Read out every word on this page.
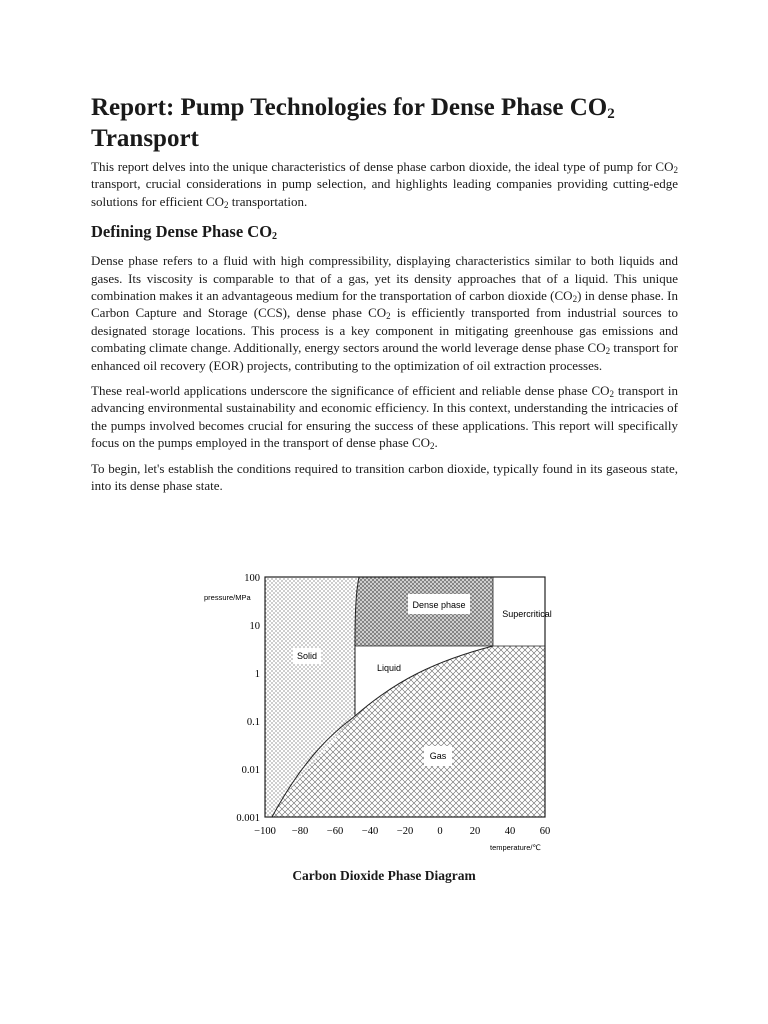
Report: Pump Technologies for Dense Phase $CO_2$
Transport

This report delves into the unique characteristics of dense phase carbon dioxide, the ideal type of pump for $CO_2$ transport, crucial considerations in pump selection, and highlights leading companies providing cutting-edge solutions for efficient $CO_2$ transportation.

Defining Dense Phase $CO_2$

Dense phase refers to a fluid with high compressibility, displaying characteristics similar to both liquids and gases. Its viscosity is comparable to that of a gas, yet its density approaches that of a liquid. This unique combination makes it an advantageous medium for the transportation of carbon dioxide $(CO_2)$ in dense phase. In Carbon Capture and Storage (CCS), dense phase $CO_2$ is efficiently transported from industrial sources to designated storage locations. This process is a key component in mitigating greenhouse gas emissions and combating climate change. Additionally, energy sectors around the world leverage dense phase $CO_2$ transport for enhanced oil recovery (EOR) projects, contributing to the optimization of oil extraction processes.

These real-world applications underscore the significance of efficient and reliable dense phase $CO_2$ transport in advancing environmental sustainability and economic efficiency. In this context, understanding the intricacies of the pumps involved becomes crucial for ensuring the success of these applications. This report will specifically focus on the pumps employed in the transport of dense phase $CO_2$.

To begin, let's establish the conditions required to transition carbon dioxide, typically found in its gaseous state, into its dense phase state.

Dense phase
Supercritical
Solid
Liquid
Gas
pressure/MPa
temperature/℃
100
10
1
0.1
0.01
0.001
−100 −80 −60 −40 −20 0	20 40 60
Carbon Dioxide Phase Diagram
